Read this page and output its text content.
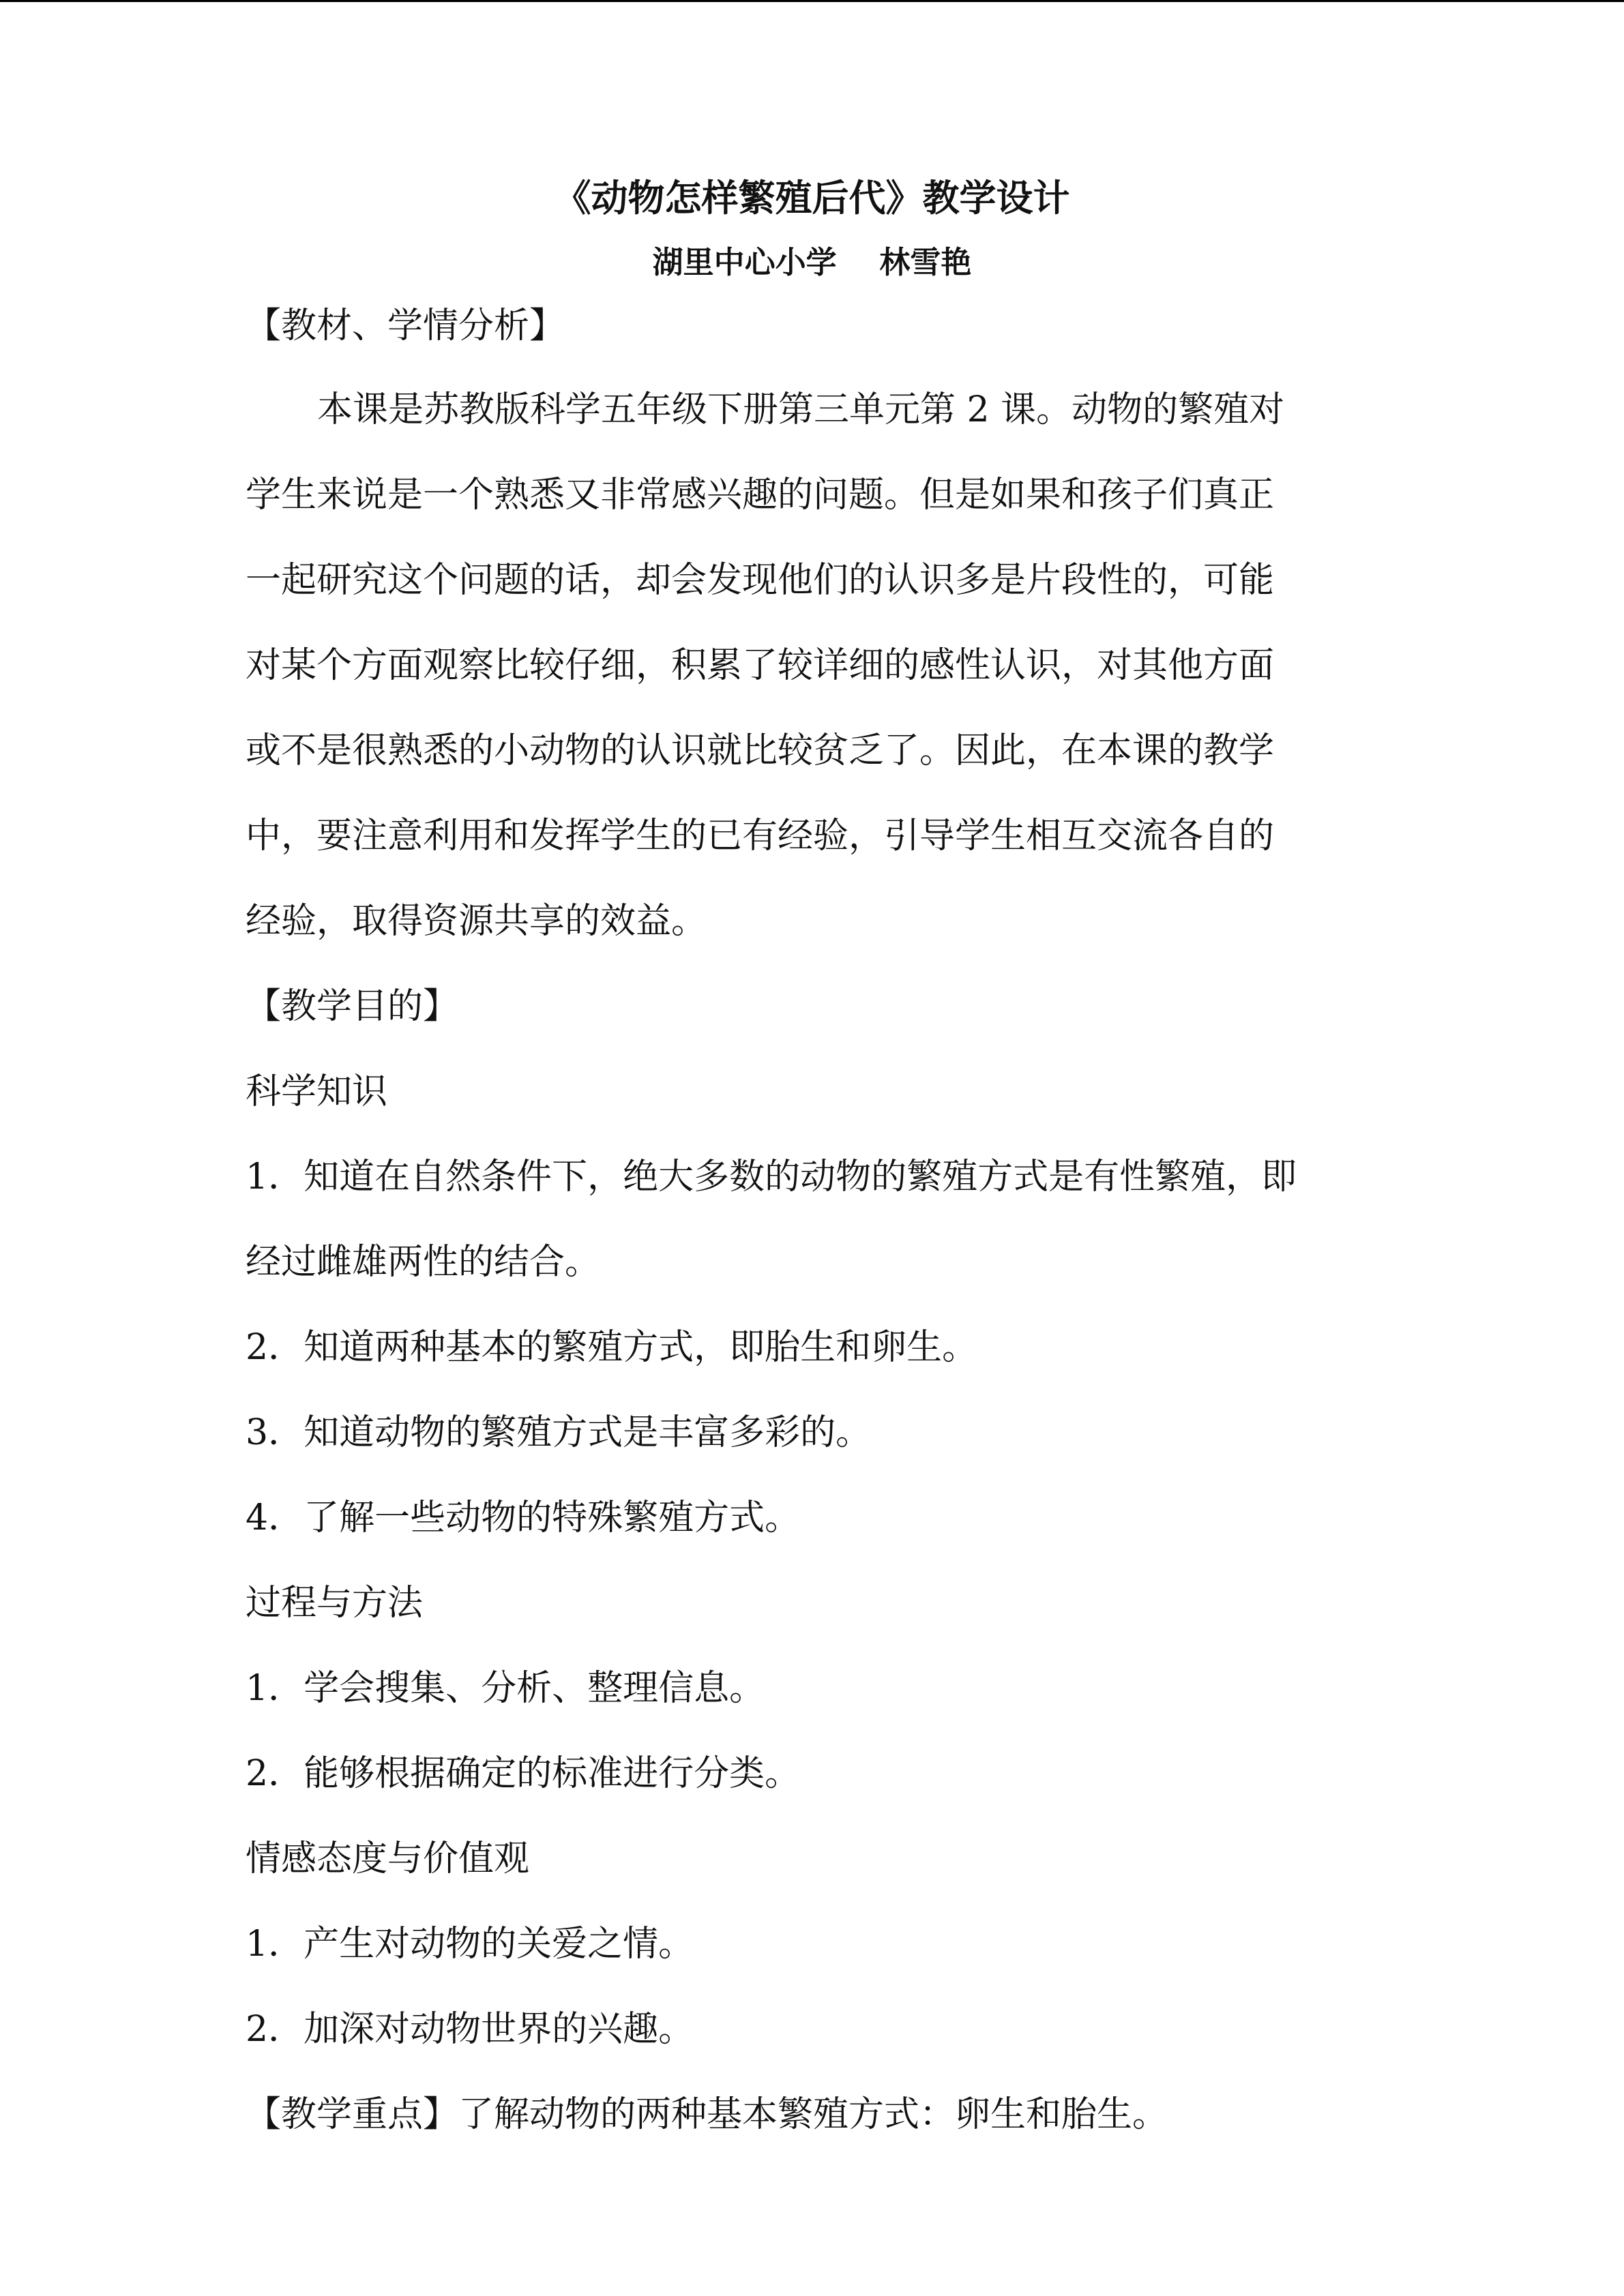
《动物怎样繁殖后代》教学设计
湖里中心小学    林雪艳
【教材、学情分析】
本课是苏教版科学五年级下册第三单元第 2 课。动物的繁殖对
学生来说是一个熟悉又非常感兴趣的问题。但是如果和孩子们真正
一起研究这个问题的话，却会发现他们的认识多是片段性的，可能
对某个方面观察比较仔细，积累了较详细的感性认识，对其他方面
或不是很熟悉的小动物的认识就比较贫乏了。因此，在本课的教学
中，要注意利用和发挥学生的已有经验，引导学生相互交流各自的
经验，取得资源共享的效益。
【教学目的】
科学知识
1．知道在自然条件下，绝大多数的动物的繁殖方式是有性繁殖，即
经过雌雄两性的结合。
2．知道两种基本的繁殖方式，即胎生和卵生。
3．知道动物的繁殖方式是丰富多彩的。
4．了解一些动物的特殊繁殖方式。
过程与方法
1．学会搜集、分析、整理信息。
2．能够根据确定的标准进行分类。
情感态度与价值观
1．产生对动物的关爱之情。
2．加深对动物世界的兴趣。
【教学重点】了解动物的两种基本繁殖方式：卵生和胎生。
